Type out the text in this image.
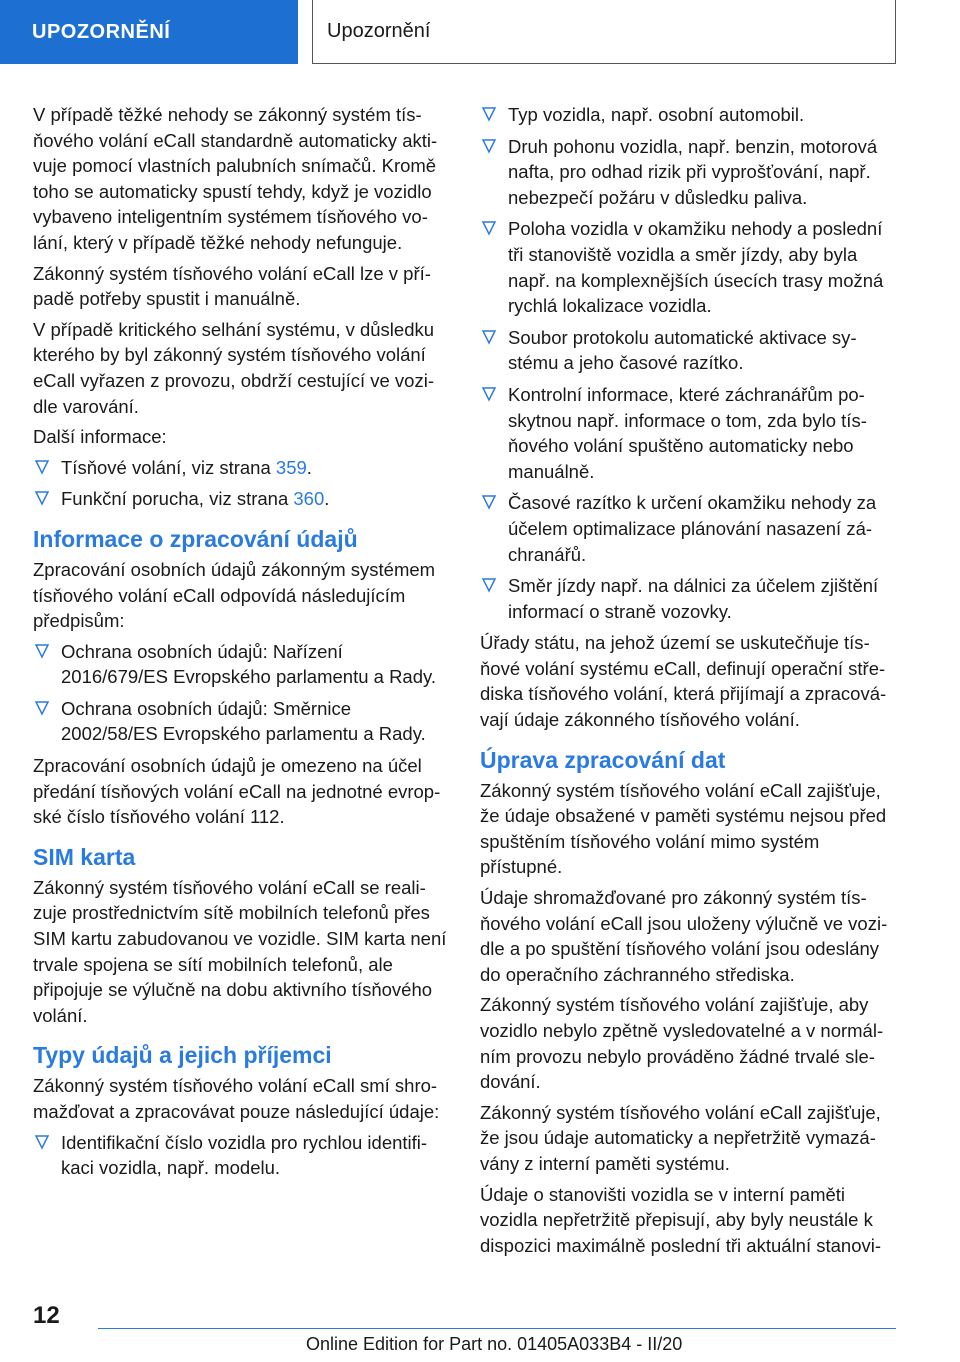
UPOZORNĚNÍ	Upozornění

V případě těžké nehody se zákonný systém tísňového volání eCall standardně automaticky aktivuje pomocí vlastních palubních snímačů. Kromě toho se automaticky spustí tehdy, když je vozidlo vybaveno inteligentním systémem tísňového volání, který v případě těžké nehody nefunguje.

Zákonný systém tísňového volání eCall lze v případě potřeby spustit i manuálně.

V případě kritického selhání systému, v důsledku kterého by byl zákonný systém tísňového volání eCall vyřazen z provozu, obdrží cestující ve vozidle varování.

Další informace:

Tísňové volání, viz strana 359.
Funkční porucha, viz strana 360.
Informace o zpracování údajů

Zpracování osobních údajů zákonným systémem tísňového volání eCall odpovídá následujícím předpisům:

Ochrana osobních údajů: Nařízení 2016/679/ES Evropského parlamentu a Rady.
Ochrana osobních údajů: Směrnice 2002/58/ES Evropského parlamentu a Rady.

Zpracování osobních údajů je omezeno na účel předání tísňových volání eCall na jednotné evropské číslo tísňového volání 112.

SIM karta

Zákonný systém tísňového volání eCall se realizuje prostřednictvím sítě mobilních telefonů přes SIM kartu zabudovanou ve vozidle. SIM karta není trvale spojena se sítí mobilních telefonů, ale připojuje se výlučně na dobu aktivního tísňového volání.

Typy údajů a jejich příjemci

Zákonný systém tísňového volání eCall smí shromažďovat a zpracovávat pouze následující údaje:

Identifikační číslo vozidla pro rychlou identifikaci vozidla, např. modelu.
Typ vozidla, např. osobní automobil.
Druh pohonu vozidla, např. benzin, motorová nafta, pro odhad rizik při vyprošťování, např. nebezpečí požáru v důsledku paliva.
Poloha vozidla v okamžiku nehody a poslední tři stanoviště vozidla a směr jízdy, aby byla např. na komplexnějších úsecích trasy možná rychlá lokalizace vozidla.
Soubor protokolu automatické aktivace systému a jeho časové razítko.
Kontrolní informace, které záchranářům poskytnou např. informace o tom, zda bylo tísňového volání spuštěno automaticky nebo manuálně.
Časové razítko k určení okamžiku nehody za účelem optimalizace plánování nasazení záchranářů.
Směr jízdy např. na dálnici za účelem zjištění informací o straně vozovky.

Úřady státu, na jehož území se uskutečňuje tísňové volání systému eCall, definují operační střediska tísňového volání, která přijímají a zpracovávají údaje zákonného tísňového volání.

Úprava zpracování dat

Zákonný systém tísňového volání eCall zajišťuje, že údaje obsažené v paměti systému nejsou před spuštěním tísňového volání mimo systém přístupné.

Údaje shromažďované pro zákonný systém tísňového volání eCall jsou uloženy výlučně ve vozidle a po spuštění tísňového volání jsou odeslány do operačního záchranného střediska.

Zákonný systém tísňového volání zajišťuje, aby vozidlo nebylo zpětně vysledovatelné a v normálním provozu nebylo prováděno žádné trvalé sledování.

Zákonný systém tísňového volání eCall zajišťuje, že jsou údaje automaticky a nepřetržitě vymazávány z interní paměti systému.

Údaje o stanovišti vozidla se v interní paměti vozidla nepřetržitě přepisují, aby byly neustále k dispozici maximálně poslední tři aktuální stanovi-

12
Online Edition for Part no. 01405A033B4 - II/20
